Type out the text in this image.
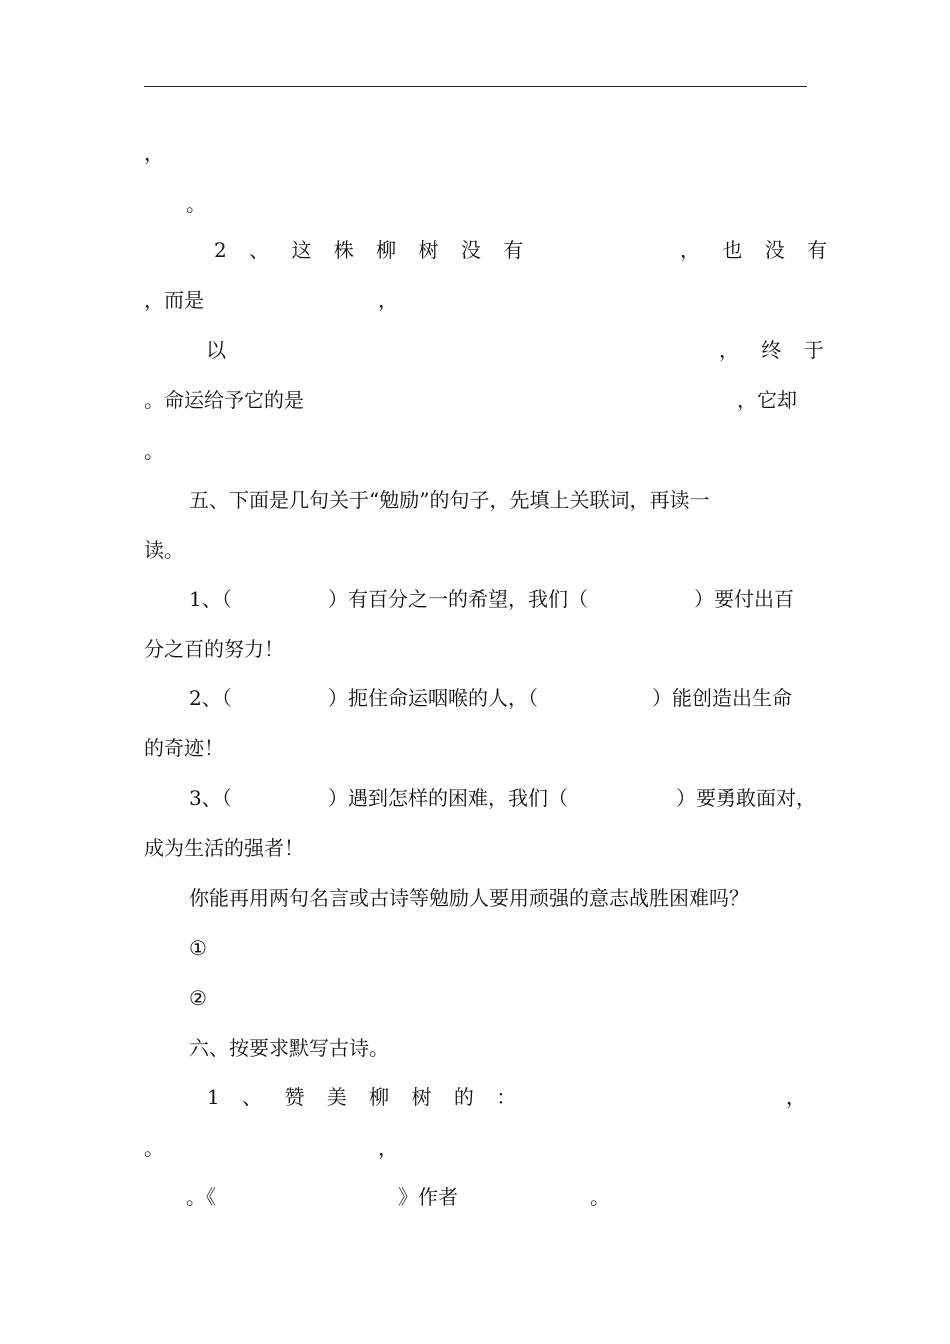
，

。

2 、 这 株 柳 树 没 有	， 也 没 有

，而是	，

以	， 终 于

。命运给予它的是	，它却

。

五、下面是几句关于“勉励”的句子，先填上关联词，再读一

读。

1、（	）有百分之一的希望，我们（	）要付出百

分之百的努力！

2、（	）扼住命运咽喉的人，（	）能创造出生命

的奇迹！

3、（	）遇到怎样的困难，我们（	）要勇敢面对，

成为生活的强者！

你能再用两句名言或古诗等勉励人要用顽强的意志战胜困难吗？

①

②

六、按要求默写古诗。

1 、 赞 美 柳 树 的 ：	，

。	，

。《	》作者	。
